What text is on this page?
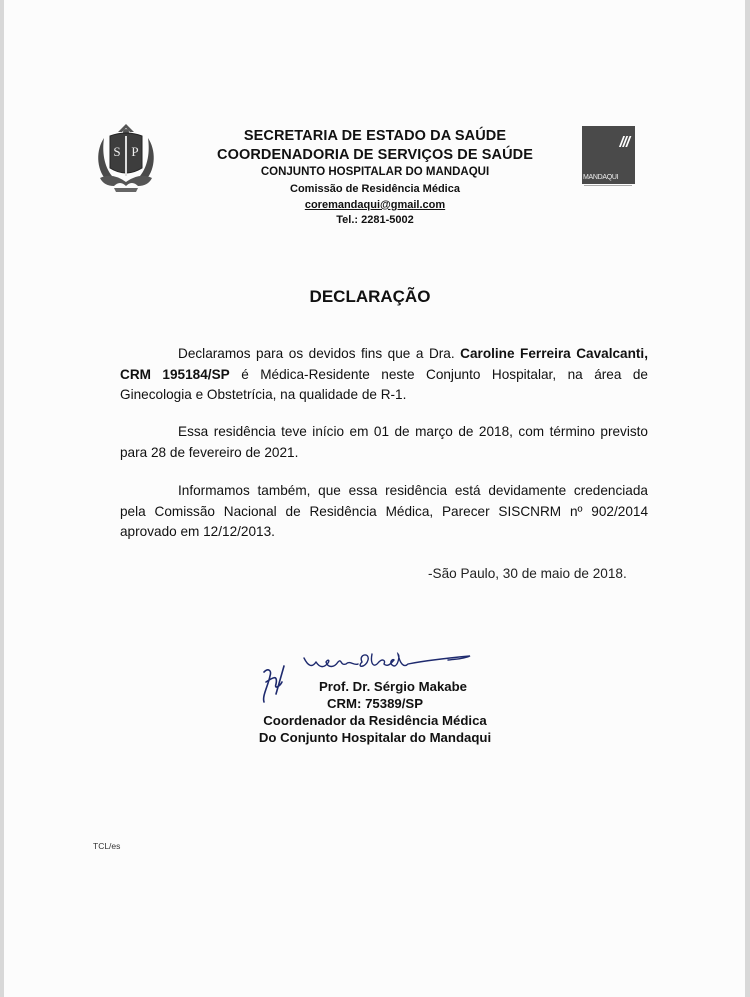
S P
///
MANDAQUI
SECRETARIA DE ESTADO DA SAÚDE
COORDENADORIA DE SERVIÇOS DE SAÚDE
CONJUNTO HOSPITALAR DO MANDAQUI
Comissão de Residência Médica
coremandaqui@gmail.com
Tel.: 2281-5002
DECLARAÇÃO
Declaramos para os devidos fins que a Dra. Caroline Ferreira Cavalcanti, CRM 195184/SP é Médica-Residente neste Conjunto Hospitalar, na área de Ginecologia e Obstetrícia, na qualidade de R-1.
Essa residência teve início em 01 de março de 2018, com término previsto para 28 de fevereiro de 2021.
Informamos também, que essa residência está devidamente credenciada pela Comissão Nacional de Residência Médica, Parecer SISCNRM nº 902/2014 aprovado em 12/12/2013.
-São Paulo, 30 de maio de 2018.
Prof. Dr. Sérgio Makabe
CRM: 75389/SP
Coordenador da Residência Médica
Do Conjunto Hospitalar do Mandaqui
TCL/es
